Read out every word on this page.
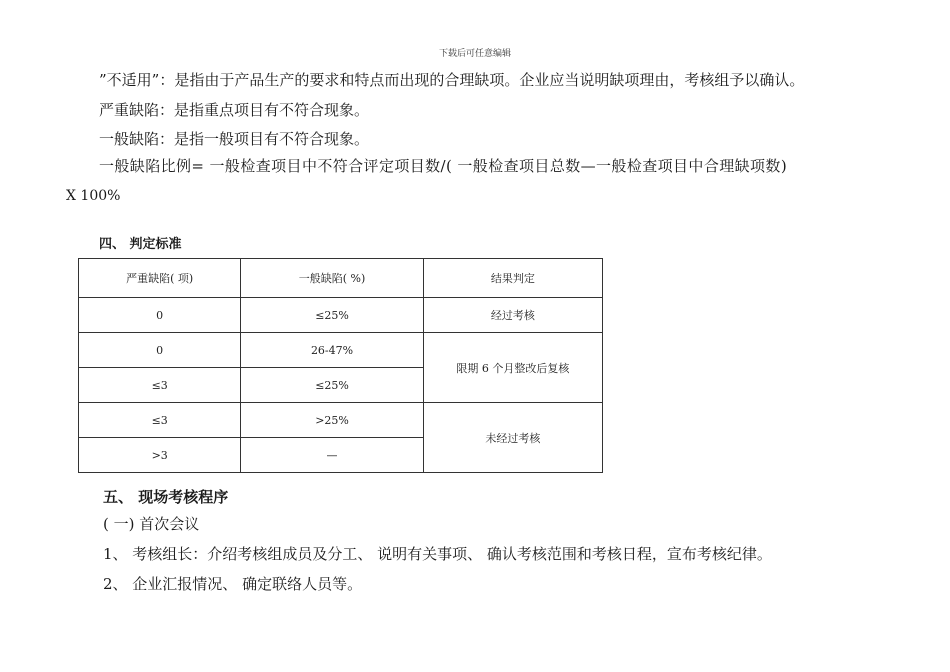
下载后可任意编辑
”不适用”：是指由于产品生产的要求和特点而出现的合理缺项。企业应当说明缺项理由，考核组予以确认。
严重缺陷：是指重点项目有不符合现象。
一般缺陷：是指一般项目有不符合现象。
一般缺陷比例= 一般检查项目中不符合评定项目数/( 一般检查项目总数—一般检查项目中合理缺项数)
X 100%
四、 判定标准
严重缺陷( 项)	一般缺陷( %)	结果判定
0	≤25%	经过考核
0	26-47%	限期 6 个月整改后复核
≤3	≤25%	
≤3	>25%	未经过考核
>3	—	
五、 现场考核程序
( 一) 首次会议
1、 考核组长：介绍考核组成员及分工、 说明有关事项、 确认考核范围和考核日程，宣布考核纪律。
2、 企业汇报情况、 确定联络人员等。
